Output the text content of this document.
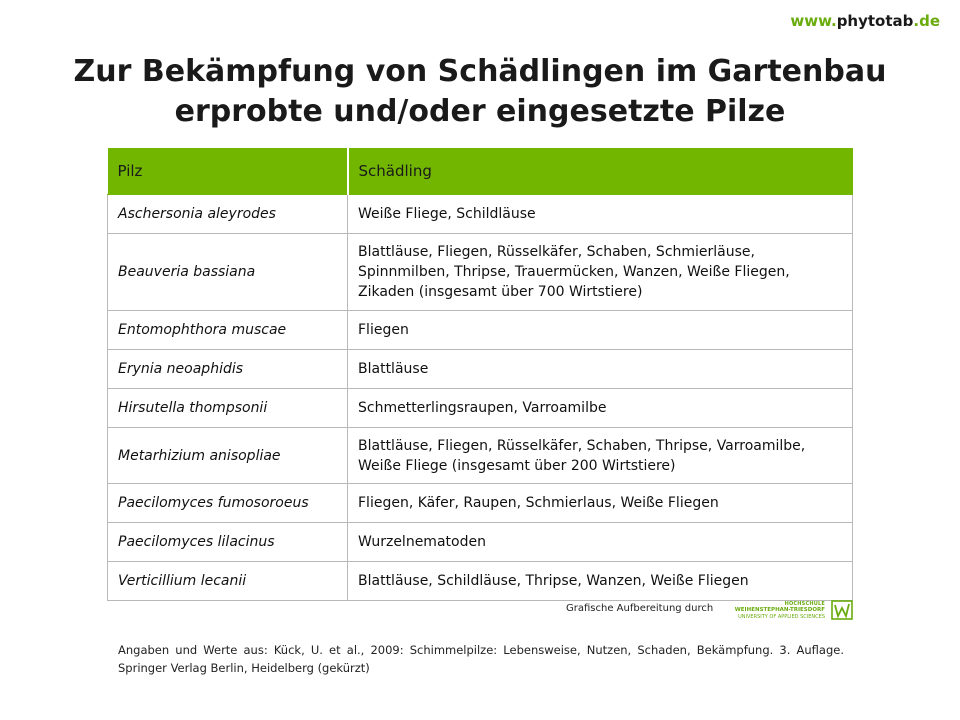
www.phytotab.de
Zur Bekämpfung von Schädlingen im Gartenbau
erprobte und/oder eingesetzte Pilze
Pilz	Schädling
Aschersonia aleyrodes	Weiße Fliege, Schildläuse
Beauveria bassiana	Blattläuse, Fliegen, Rüsselkäfer, Schaben, Schmierläuse, Spinnmilben, Thripse, Trauermücken, Wanzen, Weiße Fliegen, Zikaden (insgesamt über 700 Wirtstiere)
Entomophthora muscae	Fliegen
Erynia neoaphidis	Blattläuse
Hirsutella thompsonii	Schmetterlingsraupen, Varroamilbe
Metarhizium anisopliae	Blattläuse, Fliegen, Rüsselkäfer, Schaben, Thripse, Varroamilbe, Weiße Fliege (insgesamt über 200 Wirtstiere)
Paecilomyces fumosoroeus	Fliegen, Käfer, Raupen, Schmierlaus, Weiße Fliegen
Paecilomyces lilacinus	Wurzelnematoden
Verticillium lecanii	Blattläuse, Schildläuse, Thripse, Wanzen, Weiße Fliegen
Grafische Aufbereitung durch	HOCHSCHULE
WEIHENSTEPHAN-TRIESDORF
UNIVERSITY OF APPLIED SCIENCES
Angaben und Werte aus: Kück, U. et al., 2009: Schimmelpilze: Lebensweise, Nutzen, Schaden, Bekämpfung. 3. Auflage. Springer Verlag Berlin, Heidelberg (gekürzt)
